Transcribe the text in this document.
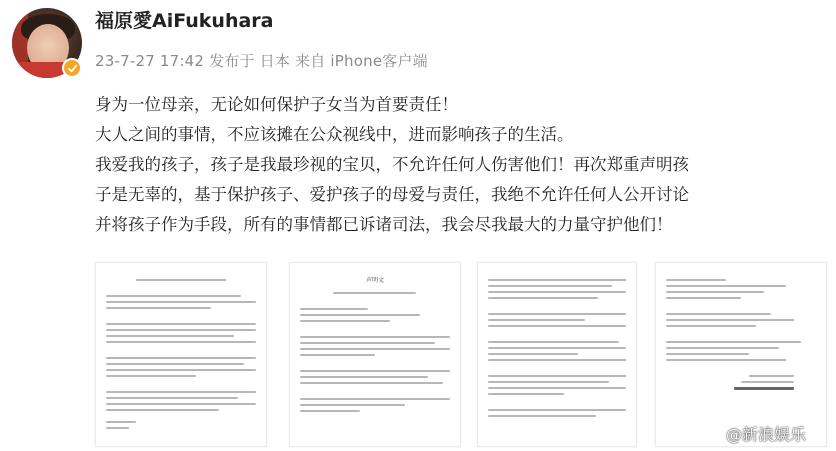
福原愛AiFukuhara
23-7-27 17:42 发布于 日本 来自 iPhone客户端

身为一位母亲，无论如何保护子女当为首要责任！

大人之间的事情，不应该摊在公众视线中，进而影响孩子的生活。

我爱我的孩子，孩子是我最珍视的宝贝，不允许任何人伤害他们！再次郑重声明孩

子是无辜的，基于保护孩子、爱护孩子的母爱与责任，我绝不允许任何人公开讨论

并将孩子作为手段，所有的事情都已诉诸司法，我会尽我最大的力量守护他们！

声明文
@新浪娱乐
